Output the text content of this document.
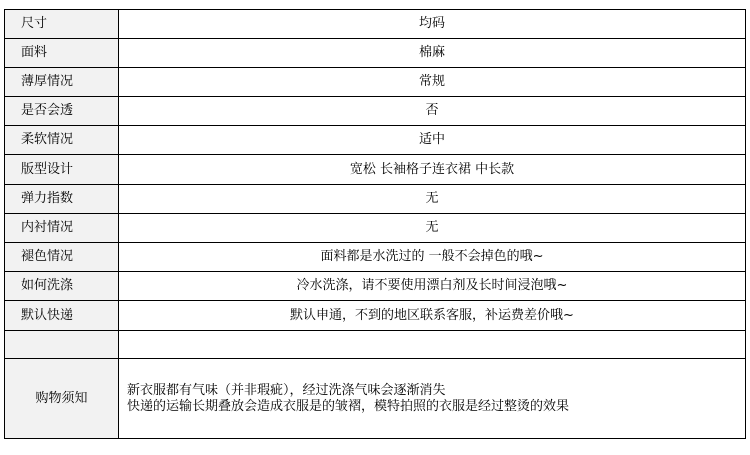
尺寸	均码
面料	棉麻
薄厚情况	常规
是否会透	否
柔软情况	适中
版型设计	宽松 长袖格子连衣裙 中长款
弹力指数	无
内衬情况	无
褪色情况	面料都是水洗过的 一般不会掉色的哦~
如何洗涤	冷水洗涤，请不要使用漂白剂及长时间浸泡哦~
默认快递	默认申通，不到的地区联系客服，补运费差价哦~

购物须知	新衣服都有气味（并非瑕疵），经过洗涤气味会逐渐消失
快递的运输长期叠放会造成衣服是的皱褶，模特拍照的衣服是经过整烫的效果
